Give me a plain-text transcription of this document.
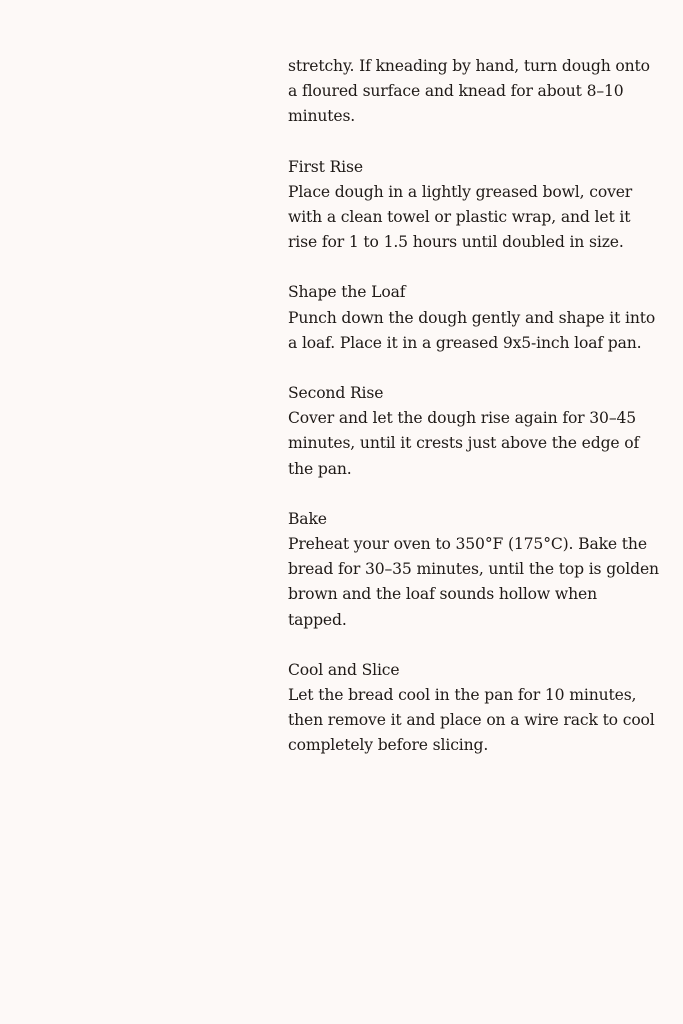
stretchy. If kneading by hand, turn dough onto a floured surface and knead for about 8–10 minutes.

First Rise

Place dough in a lightly greased bowl, cover with a clean towel or plastic wrap, and let it rise for 1 to 1.5 hours until doubled in size.

Shape the Loaf

Punch down the dough gently and shape it into a loaf. Place it in a greased 9x5-inch loaf pan.

Second Rise

Cover and let the dough rise again for 30–45 minutes, until it crests just above the edge of the pan.

Bake

Preheat your oven to 350°F (175°C). Bake the bread for 30–35 minutes, until the top is golden brown and the loaf sounds hollow when tapped.

Cool and Slice

Let the bread cool in the pan for 10 minutes, then remove it and place on a wire rack to cool completely before slicing.
